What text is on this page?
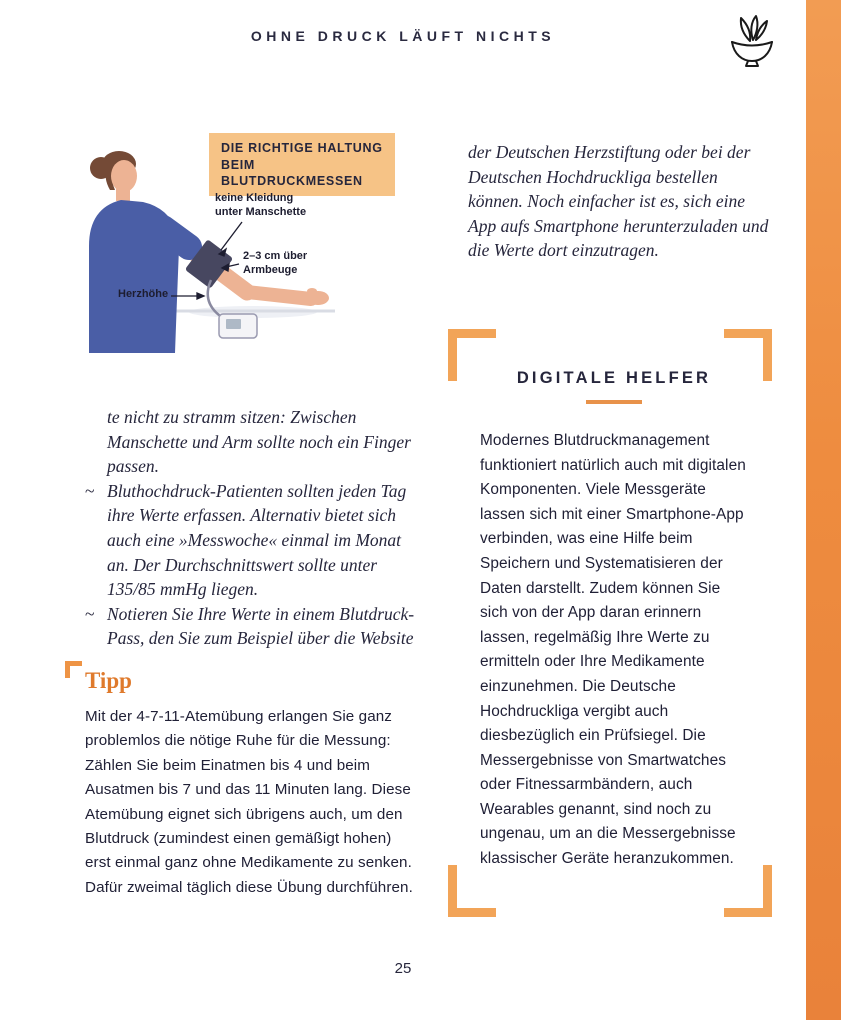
OHNE DRUCK LÄUFT NICHTS
DIE RICHTIGE HALTUNG
BEIM BLUTDRUCKMESSEN
keine Kleidung
unter Manschette
2–3 cm über
Armbeuge
Herzhöhe

te nicht zu stramm sitzen: Zwischen Manschette und Arm sollte noch ein Finger passen.

~ Bluthochdruck-Patienten sollten jeden Tag ihre Werte erfassen. Alternativ bietet sich auch eine »Messwoche« einmal im Monat an. Der Durchschnittswert sollte unter 135/85 mmHg liegen.
~ Notieren Sie Ihre Werte in einem Blutdruck-Pass, den Sie zum Beispiel über die Website
Tipp

Mit der 4-7-11-Atemübung erlangen Sie ganz problemlos die nötige Ruhe für die Messung: Zählen Sie beim Einatmen bis 4 und beim Ausatmen bis 7 und das 11 Minuten lang. Diese Atemübung eignet sich übrigens auch, um den Blutdruck (zumindest einen gemäßigt hohen) erst einmal ganz ohne Medikamente zu senken. Dafür zweimal täglich diese Übung durchführen.

der Deutschen Herzstiftung oder bei der Deutschen Hochdruckliga bestellen können. Noch einfacher ist es, sich eine App aufs Smartphone herunterzuladen und die Werte dort einzutragen.

DIGITALE HELFER

Modernes Blutdruckmanagement funktioniert natürlich auch mit digitalen Komponenten. Viele Messgeräte lassen sich mit einer Smartphone-App verbinden, was eine Hilfe beim Speichern und Systematisieren der Daten darstellt. Zudem können Sie sich von der App daran erinnern lassen, regelmäßig Ihre Werte zu ermitteln oder Ihre Medikamente einzunehmen. Die Deutsche Hochdruckliga vergibt auch diesbezüglich ein Prüfsiegel. Die Messergebnisse von Smartwatches oder Fitnessarmbändern, auch Wearables genannt, sind noch zu ungenau, um an die Messergebnisse klassischer Geräte heranzukommen.

25
